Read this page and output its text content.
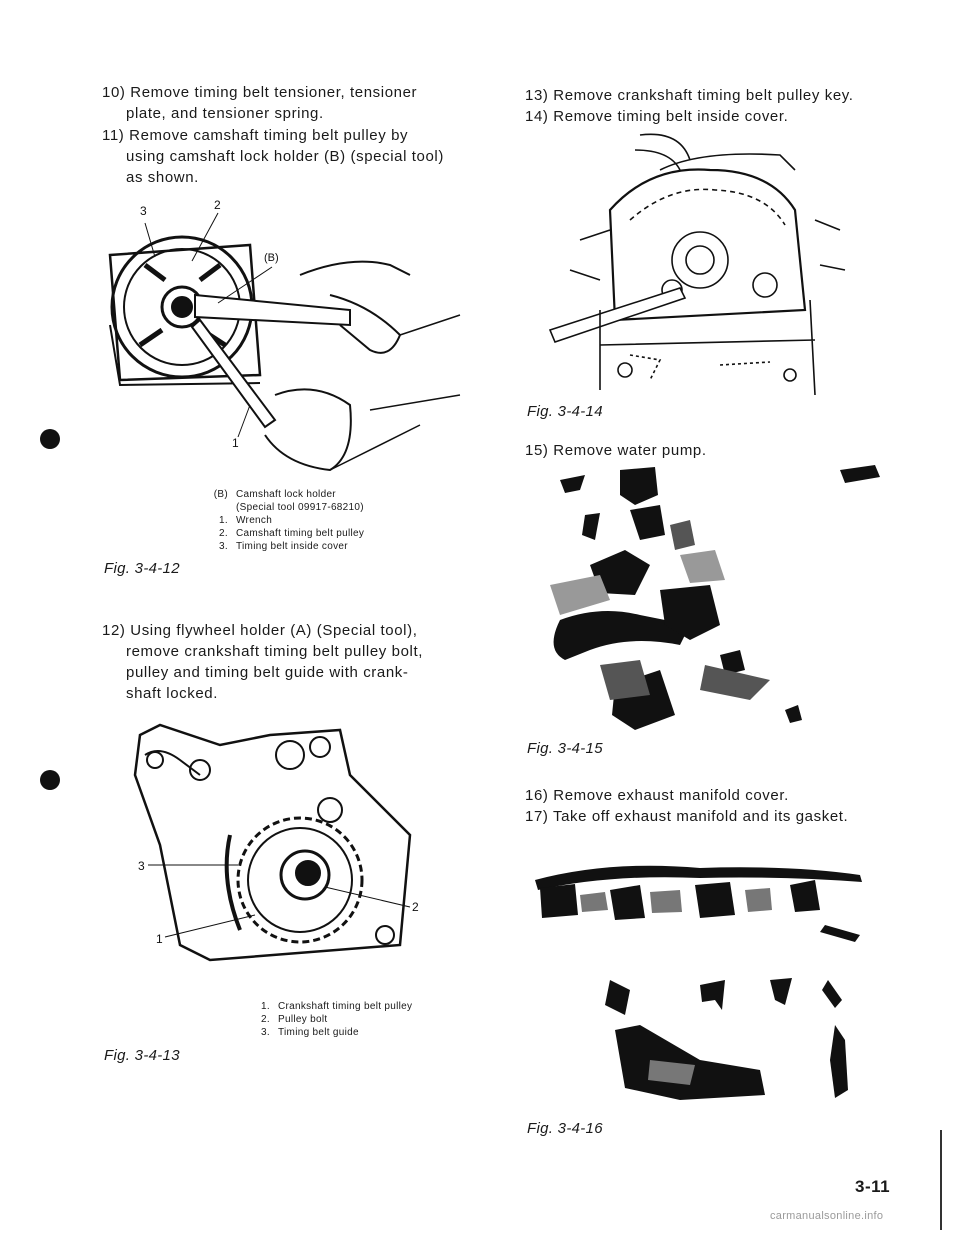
10) Remove timing belt tensioner, tensioner
plate, and tensioner spring.
11) Remove camshaft timing belt pulley by
using camshaft lock holder (B) (special tool)
as shown.
3	2
(B)
1
(B)	Camshaft lock holder
	(Special tool 09917-68210)
1.	Wrench
2.	Camshaft timing belt pulley
3.	Timing belt inside cover
Fig. 3-4-12
12) Using flywheel holder (A) (Special tool),
remove crankshaft timing belt pulley bolt,
pulley and timing belt guide with crank-
shaft locked.
3
2
1
1.	Crankshaft timing belt pulley
2.	Pulley bolt
3.	Timing belt guide
Fig. 3-4-13
13) Remove crankshaft timing belt pulley key.
14) Remove timing belt inside cover.
Fig. 3-4-14
15) Remove water pump.
Fig. 3-4-15
16) Remove exhaust manifold cover.
17) Take off exhaust manifold and its gasket.
Fig. 3-4-16
3-11
carmanualsonline.info
